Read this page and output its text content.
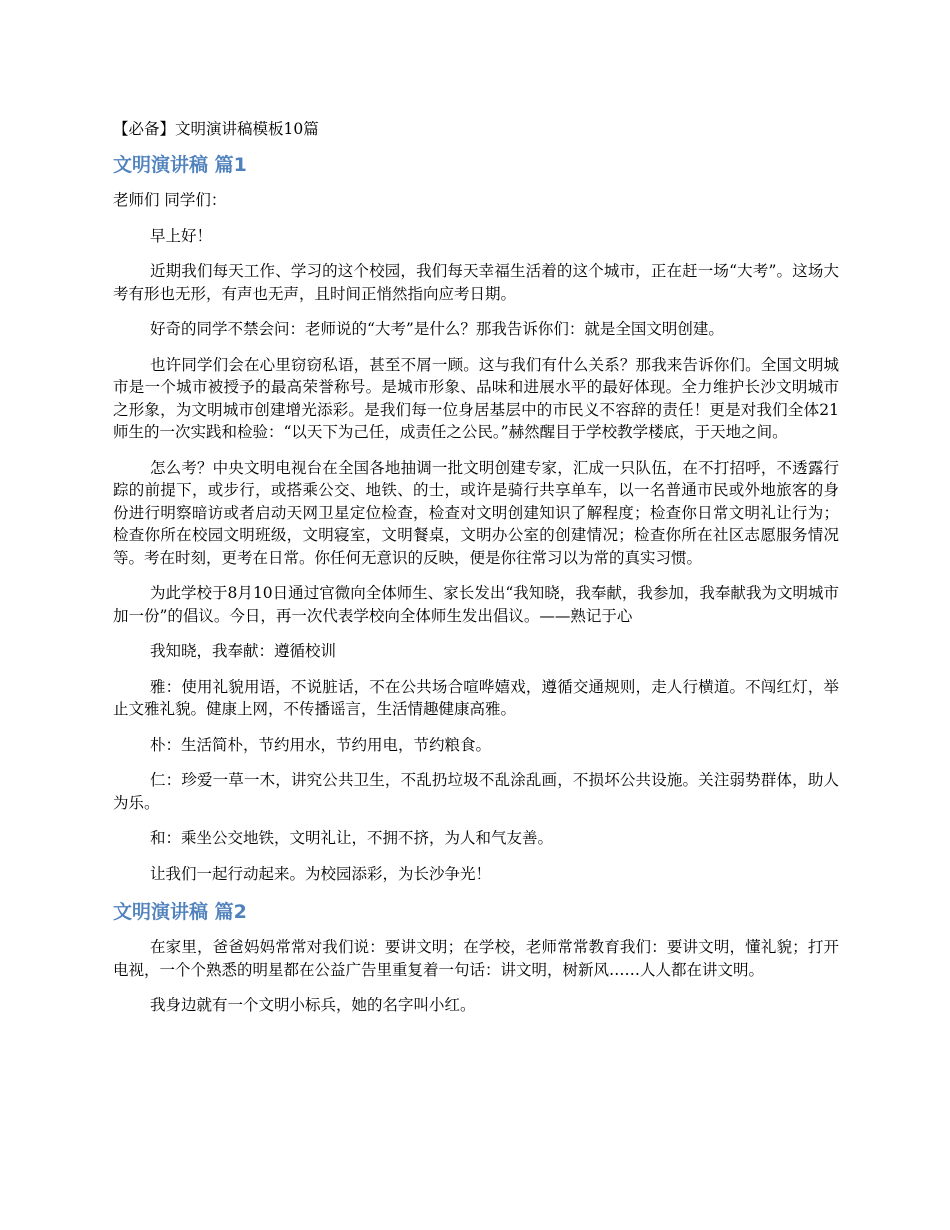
【必备】文明演讲稿模板10篇
文明演讲稿 篇1

老师们 同学们：

早上好！

近期我们每天工作、学习的这个校园，我们每天幸福生活着的这个城市，正在赶一场“大考”。这场大考有形也无形，有声也无声，且时间正悄然指向应考日期。

好奇的同学不禁会问：老师说的“大考”是什么？那我告诉你们：就是全国文明创建。

也许同学们会在心里窃窃私语，甚至不屑一顾。这与我们有什么关系？那我来告诉你们。全国文明城市是一个城市被授予的最高荣誉称号。是城市形象、品味和进展水平的最好体现。全力维护长沙文明城市之形象，为文明城市创建增光添彩。是我们每一位身居基层中的市民义不容辞的责任！更是对我们全体21师生的一次实践和检验：“以天下为己任，成责任之公民。”赫然醒目于学校教学楼底，于天地之间。

怎么考？中央文明电视台在全国各地抽调一批文明创建专家，汇成一只队伍，在不打招呼，不透露行踪的前提下，或步行，或搭乘公交、地铁、的士，或许是骑行共享单车，以一名普通市民或外地旅客的身份进行明察暗访或者启动天网卫星定位检查，检查对文明创建知识了解程度；检查你日常文明礼让行为；检查你所在校园文明班级，文明寝室，文明餐桌，文明办公室的创建情况；检查你所在社区志愿服务情况等。考在时刻，更考在日常。你任何无意识的反映，便是你往常习以为常的真实习惯。

为此学校于8月10日通过官微向全体师生、家长发出“我知晓，我奉献，我参加，我奉献我为文明城市加一份”的倡议。今日，再一次代表学校向全体师生发出倡议。——熟记于心

我知晓，我奉献：遵循校训

雅：使用礼貌用语，不说脏话，不在公共场合喧哗嬉戏，遵循交通规则，走人行横道。不闯红灯，举止文雅礼貌。健康上网，不传播谣言，生活情趣健康高雅。

朴：生活简朴，节约用水，节约用电，节约粮食。

仁：珍爱一草一木，讲究公共卫生，不乱扔垃圾不乱涂乱画，不损坏公共设施。关注弱势群体，助人为乐。

和：乘坐公交地铁，文明礼让，不拥不挤，为人和气友善。

让我们一起行动起来。为校园添彩，为长沙争光！

文明演讲稿 篇2

在家里，爸爸妈妈常常对我们说：要讲文明；在学校，老师常常教育我们：要讲文明，懂礼貌；打开电视，一个个熟悉的明星都在公益广告里重复着一句话：讲文明，树新风……人人都在讲文明。

我身边就有一个文明小标兵，她的名字叫小红。
